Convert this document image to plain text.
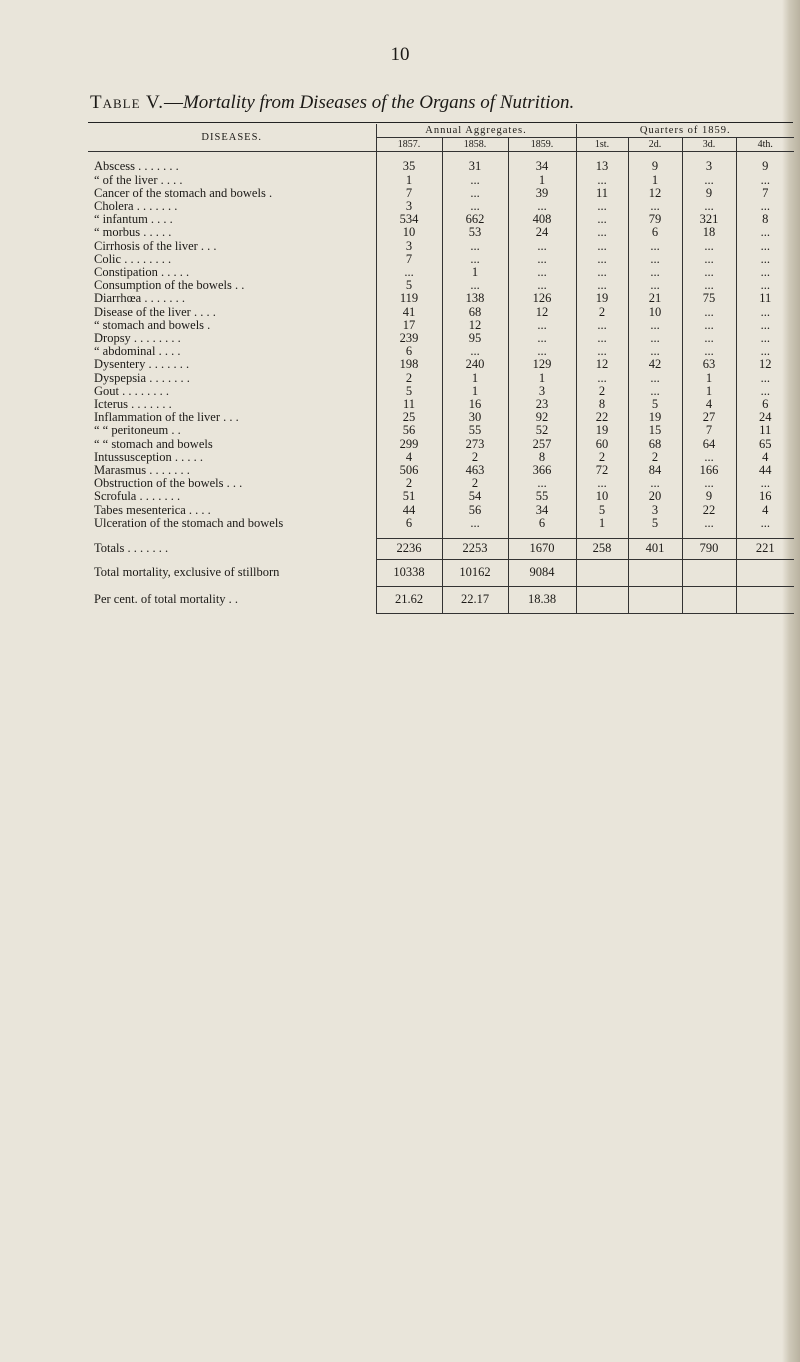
10
Table V.—Mortality from Diseases of the Organs of Nutrition.
DISEASES.	Annual Aggregates.			Quarters of 1859.			
	1857.	1858.	1859.	1st.	2d.	3d.	4th.

Abscess . . . . . . .	35	31	34	13	9	3	9
“ of the liver . . . .	1	...	1	...	1	...	...
Cancer of the stomach and bowels .	7	...	39	11	12	9	7
Cholera . . . . . . .	3	...	...	...	...	...	...
“ infantum . . . .	534	662	408	...	79	321	8
“ morbus . . . . .	10	53	24	...	6	18	...
Cirrhosis of the liver . . .	3	...	...	...	...	...	...
Colic . . . . . . . .	7	...	...	...	...	...	...
Constipation . . . . .	...	1	...	...	...	...	...
Consumption of the bowels . .	5	...	...	...	...	...	...
Diarrhœa . . . . . . .	119	138	126	19	21	75	11
Disease of the liver . . . .	41	68	12	2	10	...	...
“ stomach and bowels .	17	12	...	...	...	...	...
Dropsy . . . . . . . .	239	95	...	...	...	...	...
“ abdominal . . . .	6	...	...	...	...	...	...
Dysentery . . . . . . .	198	240	129	12	42	63	12
Dyspepsia . . . . . . .	2	1	1	...	...	1	...
Gout . . . . . . . .	5	1	3	2	...	1	...
Icterus . . . . . . .	11	16	23	8	5	4	6
Inflammation of the liver . . .	25	30	92	22	19	27	24
“ “ peritoneum . .	56	55	52	19	15	7	11
“ “ stomach and bowels	299	273	257	60	68	64	65
Intussusception . . . . .	4	2	8	2	2	...	4
Marasmus . . . . . . .	506	463	366	72	84	166	44
Obstruction of the bowels . . .	2	2	...	...	...	...	...
Scrofula . . . . . . .	51	54	55	10	20	9	16
Tabes mesenterica . . . .	44	56	34	5	3	22	4
Ulceration of the stomach and bowels	6	...	6	1	5	...	...

Totals . . . . . . .	2236	2253	1670	258	401	790	221
Total mortality, exclusive of stillborn	10338	10162	9084				
Per cent. of total mortality . .	21.62	22.17	18.38				
